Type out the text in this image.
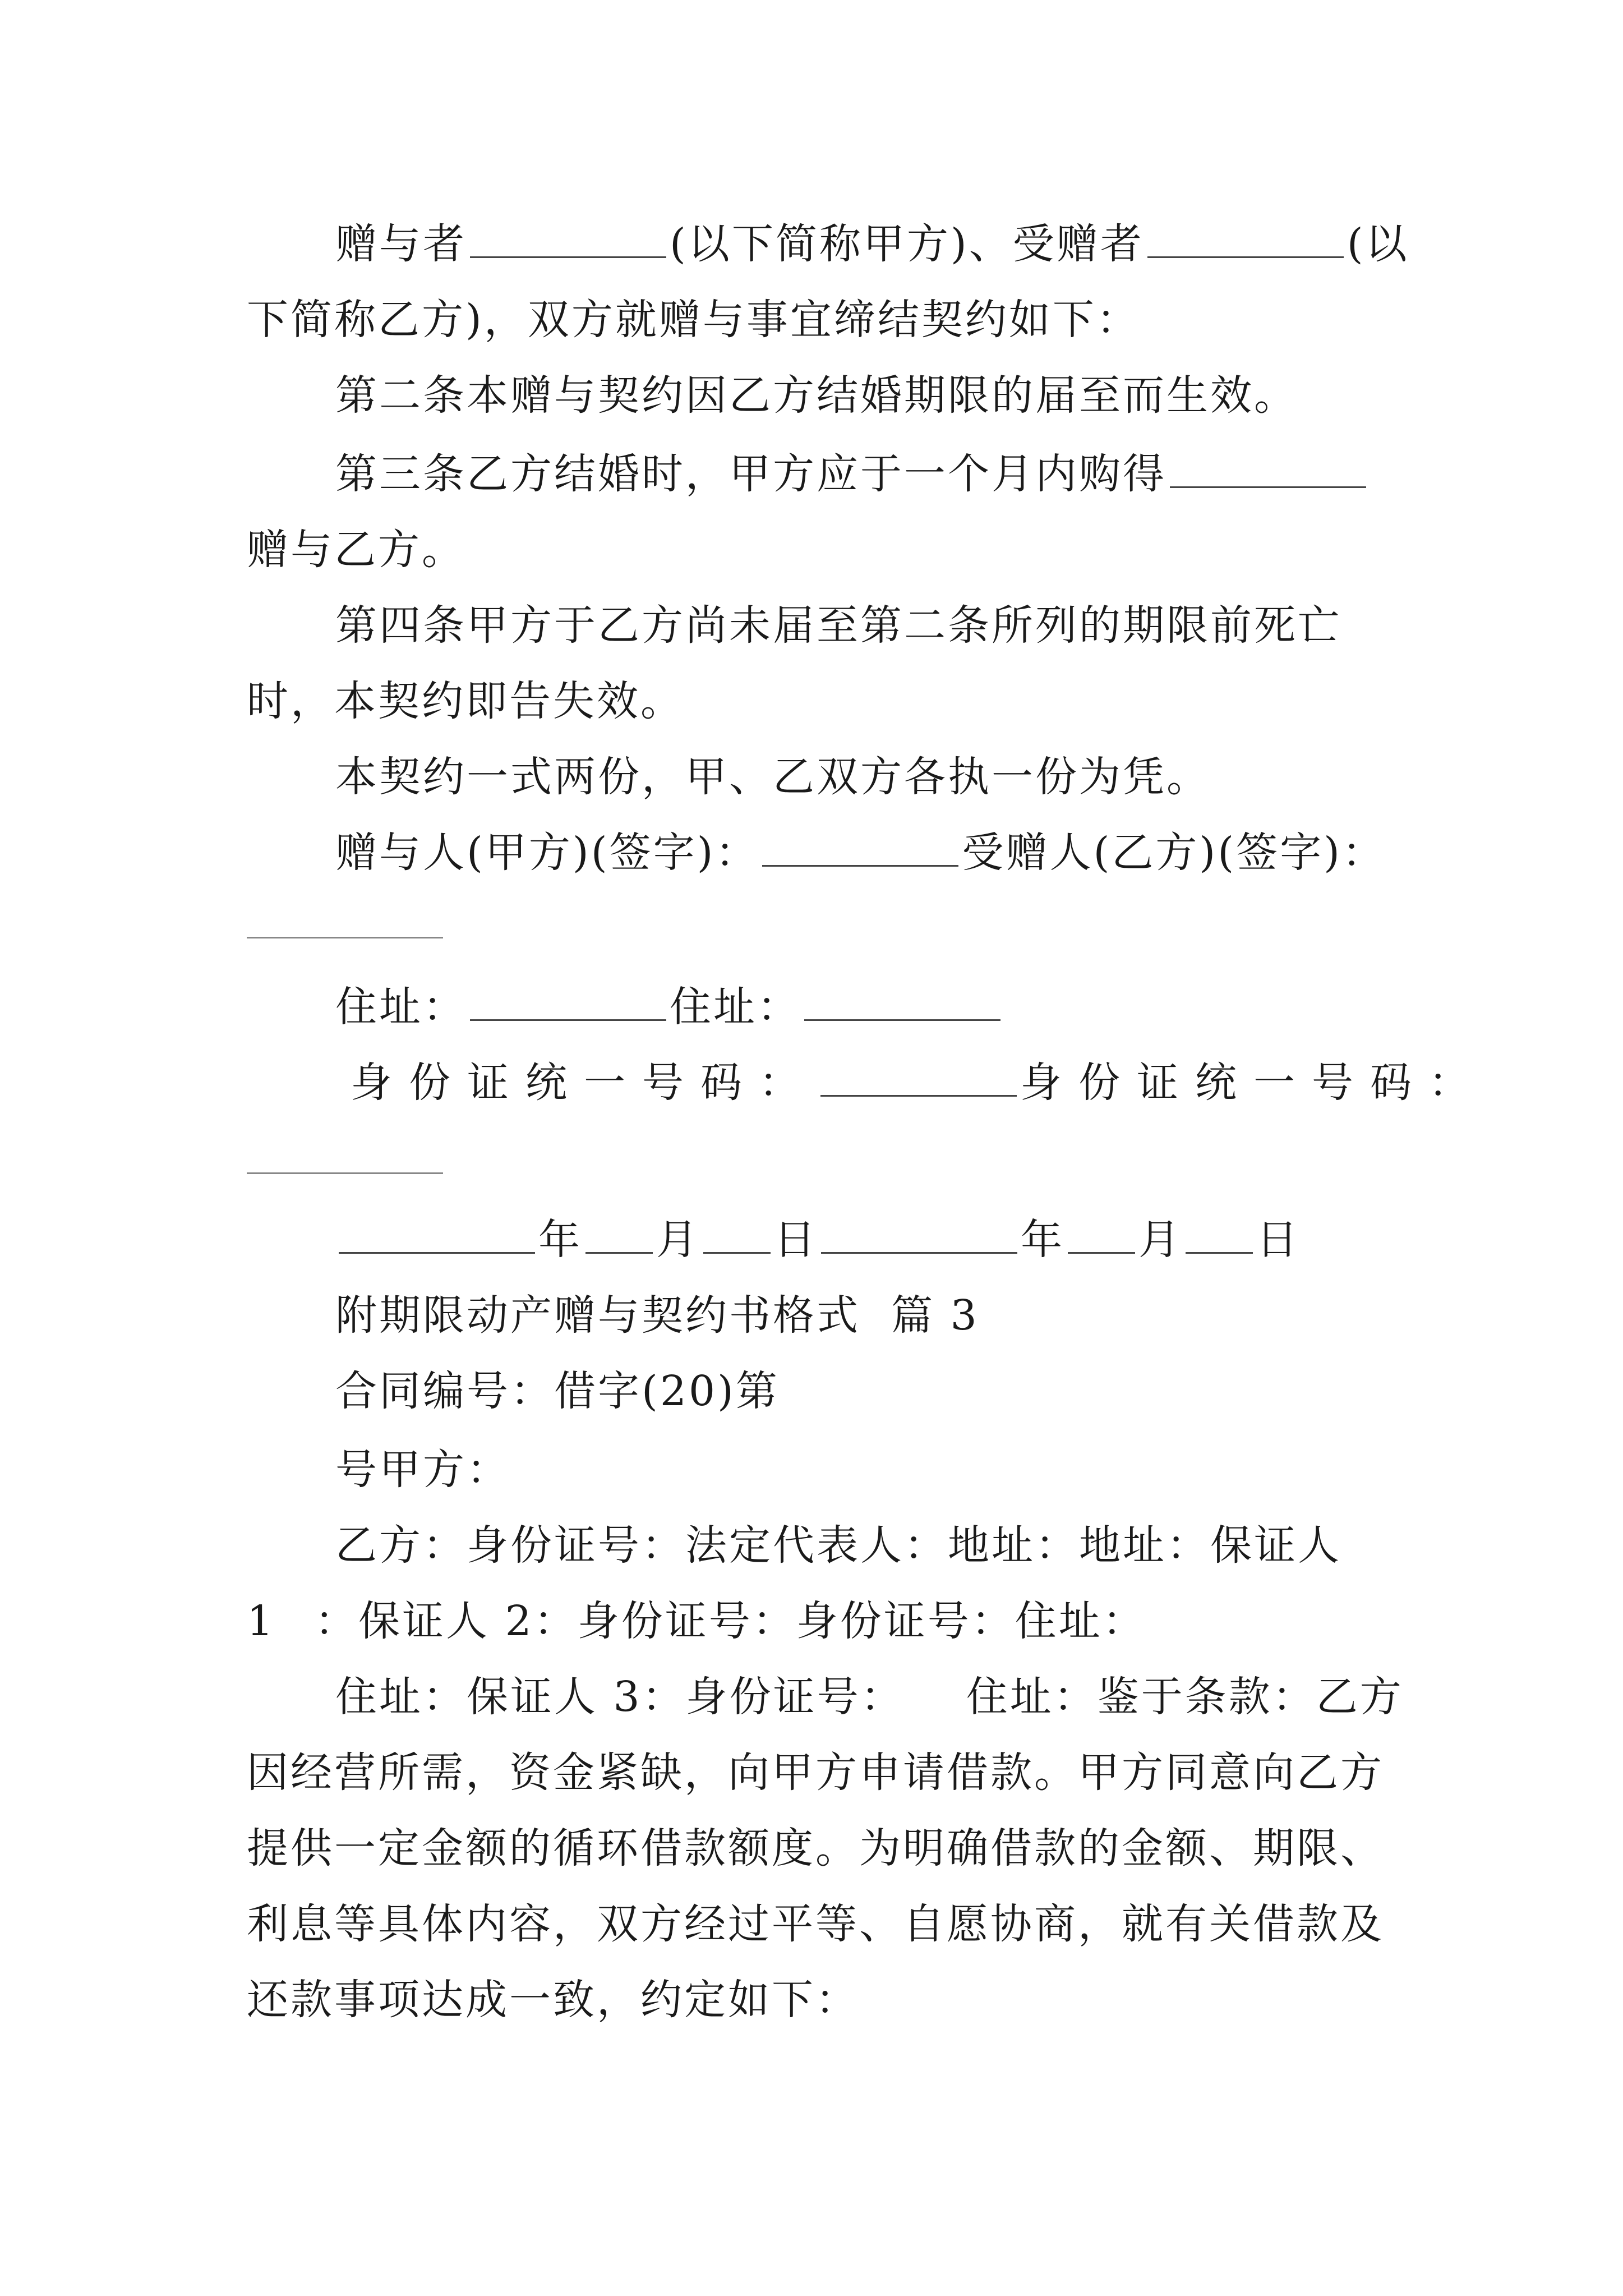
赠与者	(以下简称甲方)、受赠者	(以
下简称乙方)，双方就赠与事宜缔结契约如下：
第二条本赠与契约因乙方结婚期限的届至而生效。
第三条乙方结婚时，甲方应于一个月内购得
赠与乙方。
第四条甲方于乙方尚未届至第二条所列的期限前死亡
时，本契约即告失效。
本契约一式两份，甲、乙双方各执一份为凭。
赠与人(甲方)(签字)：	受赠人(乙方)(签字)：
住址：	住址：
身份证统一号码：	身份证统一号码：
年 月 日	年 月 日
附期限动产赠与契约书格式  篇 3
合同编号：借字(20)第
号甲方：
乙方：身份证号：法定代表人：地址：地址：保证人
1 ：保证人 2：身份证号：身份证号：住址：
住址：保证人 3：身份证号：    住址：鉴于条款：乙方
因经营所需，资金紧缺，向甲方申请借款。甲方同意向乙方
提供一定金额的循环借款额度。为明确借款的金额、期限、
利息等具体内容，双方经过平等、自愿协商，就有关借款及
还款事项达成一致，约定如下：
